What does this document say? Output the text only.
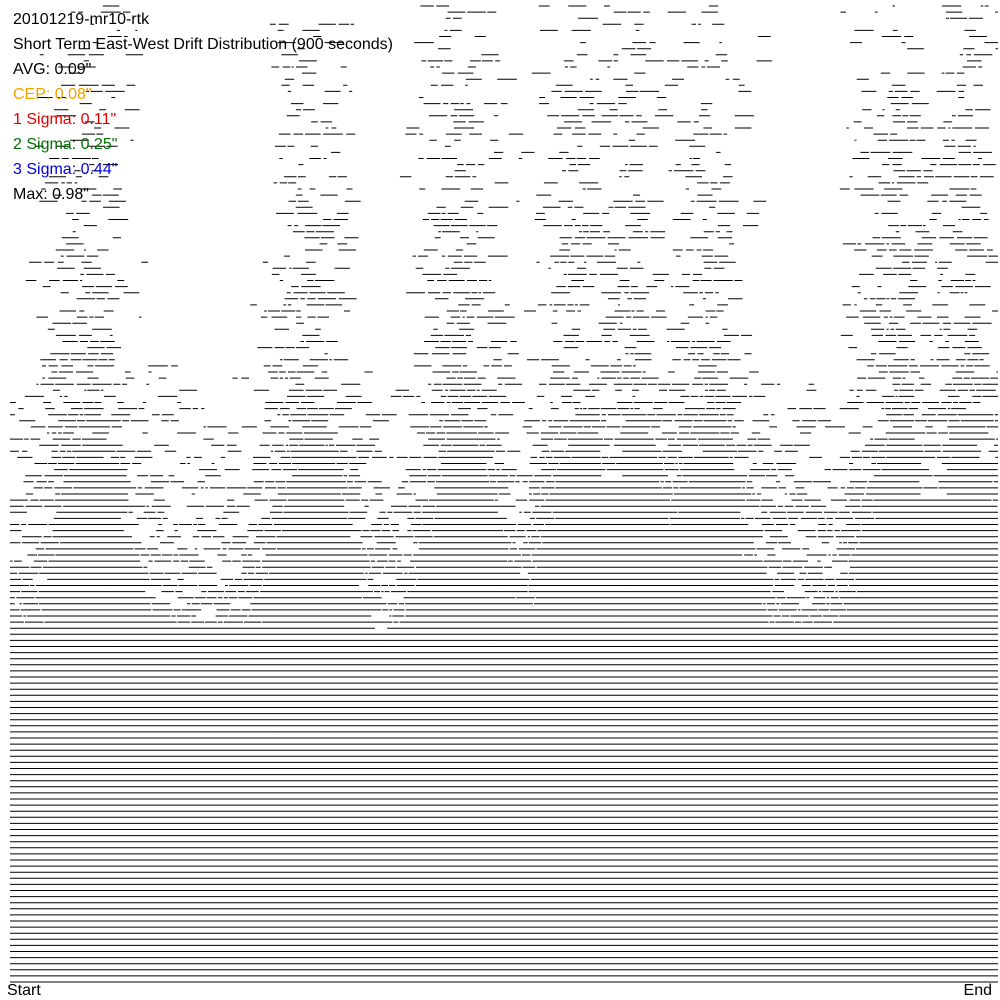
20101219-mr10-rtk
Short Term East-West Drift Distribution (900 seconds)
AVG: 0.09"
CEP: 0.08"
1 Sigma: 0.11"
2 Sigma: 0.25"
3 Sigma: 0.44"
Max: 0.98"
Start	End
